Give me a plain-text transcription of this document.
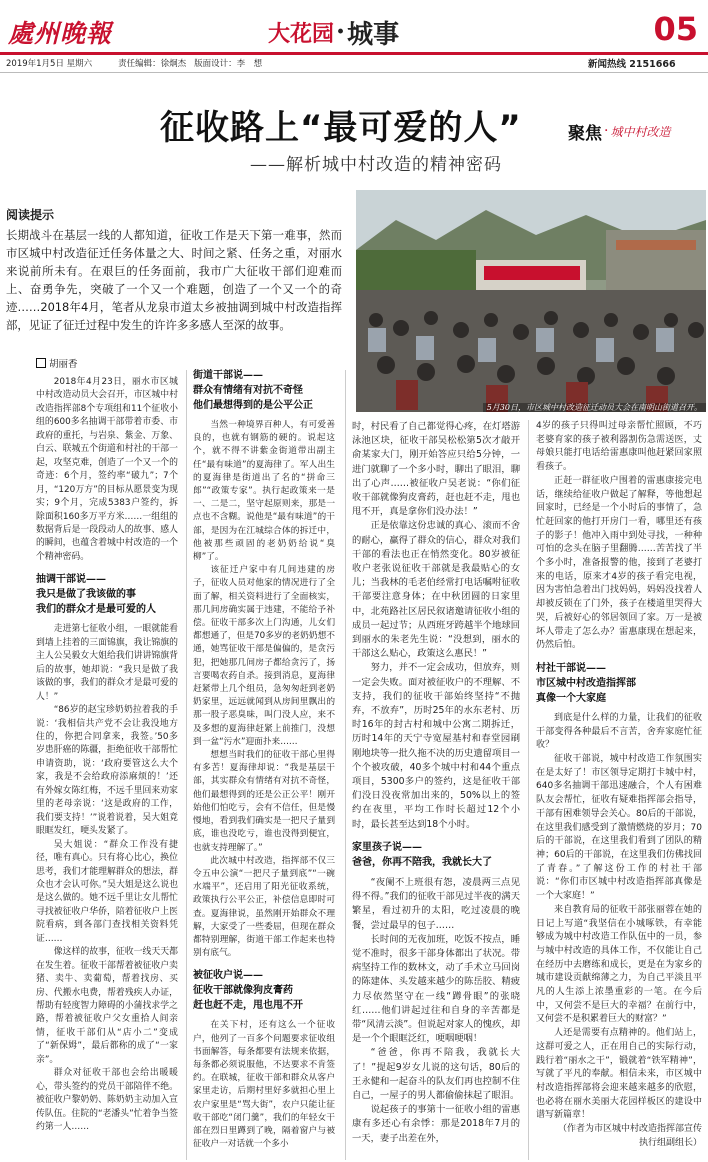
處州晚報	大花园 · 城事	05
2019年1月5日 星期六	责任编辑：徐炯杰 版面设计：李　想	新闻热线 2151666
征收路上“最可爱的人”	聚焦 · 城中村改造
——解析城中村改造的精神密码
阅读提示
长期战斗在基层一线的人都知道，征收工作是天下第一难事，然而市区城中村改造征迁任务体量之大、时间之紧、任务之重，对丽水来说前所未有。在艰巨的任务面前，我市广大征收干部们迎难而上、奋勇争先，突破了一个又一个难题，创造了一个又一个的奇迹……2018年4月，笔者从龙泉市道太乡被抽调到城中村改造指挥部，见证了征迁过程中发生的许许多多感人至深的故事。
5月30日，市区城中村改造征迁动员大会在南明山街道召开。
胡丽香

2018年4月23日，丽水市区城中村改造动员大会召开，市区城中村改造指挥部8个专项组和11个征收小组的600多名抽调干部带着市委、市政府的重托，与岩泉、紫金、万象、白云、联城五个街道和村社的干部一起，攻坚克难，创造了一个又一个的奇迹：6个月，签约率“破九”；7个月，“120万方”的目标从愿景变为现实；9个月，完成5383户签约，拆除面积160多万平方米……一组组的数据背后是一段段动人的故事、感人的瞬间，也蕴含着城中村改造的一个个精神密码。

抽调干部说——
我只是做了我该做的事
我们的群众才是最可爱的人

走进第七征收小组，一眼就能看到墙上挂着的三面锦旗，我让锦旗的主人公吴毅女大姐给我们讲讲锦旗背后的故事，她却说：“我只是做了我该做的事，我们的群众才是最可爱的人！”

“86岁的赵宝珍奶奶拉着我的手说：‘我相信共产党不会让我没地方住的，你把合同拿来，我签。’50多岁患肝癌的陈疆，拒绝征收干部帮忙申请资助，说：‘政府要管这么大个家，我是不会给政府添麻烦的！’还有外嫁女陈红梅，不远千里回来劝家里的老母亲说：‘这是政府的工作，我们要支持！’”说着说着，吴大姐竟眼眶发红，哽头发紧了。

吴大姐说：“群众工作没有捷径，唯有真心。只有将心比心，换位思考，我们才能理解群众的想法，群众也才会认可你。”吴大姐是这么说也是这么做的。她不远千里让女儿帮忙寻找被征收户华侨，陪着征收户上医院看病，到各部门查找相关资料凭证……

像这样的故事，征收一线天天都在发生着。征收干部帮着被征收户卖猪、卖牛、卖葡萄，帮着找房、买房、代搬水电费，帮着残疾人办证，帮助有轻度智力障碍的小蒲找求学之路，帮着被征收户父女重拾人间亲情，征收干部们从“店小二”变成了“新保姆”，最后都称的成了“一家亲”。

群众对征收干部也会给出暖暖心，带头签约的党员干部陪伴不绝。被征收户黎奶奶、陈奶奶主动加入宣传队伍。住院的“老潘头”忙着争当签约第一人……

街道干部说——
群众有情绪有对抗不奇怪
他们最想得到的是公平公正

当然一种境界百种人，有可爱善良的，也就有钢筋的硬的。说起这个，就不得不讲紫金街道带出副主任“最有味道”的夏海律了。军人出生的夏海律是街道出了名的“拼命三郎”“政策专家”。执行起政策来一是一、二是二，坚守起原则来，那是一点也不含糊。说他是“最有味道”的干部，是因为在江城综合体的拆迁中，他被那些顽固的老奶奶给说“臭柳”了。

该征迁户家中有几间违建的房子，征收人员对他家的情况进行了全面了解，相关资料进行了全面核实，那几间房确实属于违建，不能给予补偿。征收干部多次上门沟通，儿女们都想通了，但是70多岁的老奶奶想不通，她骂征收干部是偏偏的，是贪污犯，把她那几间房子都给贪污了，扬言要喝农药自杀。接到消息，夏海律赶紧带上几个组员，急匆匆赶到老奶奶家里，远远就闻到从房间里飘出的那一股子恶臭味，叫门没人应，来不及多想的夏海律赶紧上前推门，没想到一盆“污水”迎面扑来……

想想当时我们的征收干部心里得有多苦！夏海律却说：“我是基层干部，其实群众有情绪有对抗不奇怪，他们最想得到的还是公正公平！刚开始他们怕吃亏，会有不信任，但是慢慢地，看到我们确实是一把尺子量到底，谁也没吃亏，谁也没得到便宜，也就支持理解了。”

此次城中村改造，指挥部不仅三令五申公演“一把尺子量到底”“一碗水端平”，还启用了阳光征收系统，政策执行公平公正，补偿信息即时可查。夏海律说，虽然刚开始群众不理解，大家受了一些委屈，但现在群众都特别理解，街道干部工作起来也特别有底气。

被征收户说——
征收干部就像狗皮膏药
赶也赶不走，甩也甩不开

在关下村，还有这么一个征收户，他列了一百多个问题要求征收组书面解答，每条都要有法规来依据，每条都必须说服他，不达要求不肯签约。在联城，征收干部和群众从客户家里走访，后期村里好多就担心里上农户家里是“骂大街”，农户只能让征收干部吃“闭门羹”，我们的年轻女干部在烈日里蹲到了晚，隔着窗户与被征收户一对话就一个多小

时，村民看了自己都觉得心疼，在灯塔游泳池区块，征收干部吴松松第5次才敲开俞某家大门，刚开始答应只给5分钟，一进门就聊了一个多小时，聊出了眼泪，聊出了心声……被征收户吴老说：“你们征收干部就像狗皮膏药，赶也赶不走，甩也甩不开，真是拿你们没办法！”

正是依靠这份忠诚的真心、滚而不舍的耐心，赢得了群众的信心，群众对我们干部的看法也正在悄然变化。80岁被征收户老张说征收干部就是我最贴心的女儿；当我林的毛老伯经常打电话嘱咐征收干部要注意身体；在中秋团圆的日家里中，北苑路社区居民叙诸邀请征收小组的成员一起过节；从西班牙跨越半个地球回到丽水的朱老先生说：“没想到，丽水的干部这么贴心，政策这么惠民！”

努力，并不一定会成功，但放弃，则一定会失败。面对被征收户的不理解、不支持，我们的征收干部始终坚持“不抛弃，不放弃”，历时25年的水东老村、历时16年的封古村和城中公寓二期拆迁，历时14年的天宁寺宽屋基村和春堂园刷刚地块等一批久拖不决的历史遗留项目一个个被攻破，40多个城中村和44个重点项目，5300多户的签约，这是征收干部们没日没夜常加出来的，50%以上的签约在夜里，平均工作时长超过12个小时，最长甚至达到18个小时。

家里孩子说——
爸爸，你再不陪我，我就长大了

“夜阑不上班很有怨，凌晨两三点见得不得。”我们的征收干部见过半夜的满天繁星，看过初升的太阳，吃过凌晨的晚餐，尝过最早的包子……

长时间的无夜加班，吃饭不按点，睡觉不准时，很多干部身体都出了状况。带病坚持工作的数林文，动了手术立马回岗的陈建体、头发越来越少的陈岳胶、精疲力尽依然坚守在一线“蹲骨眼”的张晓红……他们讲起过往和自身的辛苦都是带“风清云淡”。但说起对家人的愧疚，却是一个个眼眶泛红，哽咽哽咽！

“爸爸，你再不陪我，我就长大了！”提起9岁女儿说的这句话，80后的王永健和一起奋斗的队友们再也控制不住自己，一屋子的男人都偷偷抹起了眼泪。

说起孩子的事第十一征收小组的雷惠康有多还心有余悸：那是2018年7月的一天，妻子出差在外，

4岁的孩子只得叫过母亲帮忙照顾，不巧老婆育家的孩子被利器割伤急需送医，丈母娘只能打电话给雷惠康叫他赶紧回家照看孩子。

正赶一群征收户围着的雷惠康接完电话，继续给征收户做起了解释，等他想起回家时，已经是一个小时后的事情了，急忙赶回家的他打开房门一看，哪里还有孩子的影子！他冲入雨中到处寻找，一种种可怕的念头在脑子里翻腾……苦苦找了半个多小时，准备报警的他，接到了老婆打来的电话，原来才4岁的孩子看完电视，因为害怕急着出门找妈妈，妈妈没找着人却被反锁在了门外，孩子在楼道里哭得大哭，后被好心的邻居领回了家。万一是被坏人带走了怎么办？雷惠康现在想起来，仍然后怕。

村社干部说——
市区城中村改造指挥部
真像一个大家庭

到底是什么样的力量，让我们的征收干部变得各种最后不言苦，舍弃家庭忙征收？

征收干部说，城中村改造工作氛围实在是太好了！市区领导定期打卡城中村，640多名抽调干部迅速融合，个人有困难队友会帮忙，征收有疑难指挥部会指导，干部有困难领导会关心。80后的干部说，在这里我们感受到了激情燃烧的岁月；70后的干部说，在这里我们看到了团队的精神；60后的干部说，在这里我们仿佛找回了青春。”了解这份工作的村社干部说：“你们市区城中村改造指挥部真像是一个大家庭！”

来自教育局的征收干部张丽蓉在她的日记上写道“我坚信在小城啄铁，有幸能够成为城中村改造工作队伍中的一员，参与城中村改造的具体工作，不仅能让自己在经历中去磨练和成长，更是在为家乡的城市建设贡献绵薄之力，为自己平淡且平凡的人生添上浓墨重彩的一笔。在今后中，又何尝不是巨大的幸福？在前行中，又何尝不是积累着巨大的财富？”

人还是需要有点精神的。他们站上，这群可爱之人，正在用自己的实际行动，践行着“丽水之干”，锻就着“铁军精神”，写就了平凡的奉献。相信未来，市区城中村改造指挥部将会迎来越来越多的欣慰，也必将在丽水美丽大花园样板区的建设中谱写新篇章！

（作者为市区城中村改造指挥部宣传执行组副组长）
